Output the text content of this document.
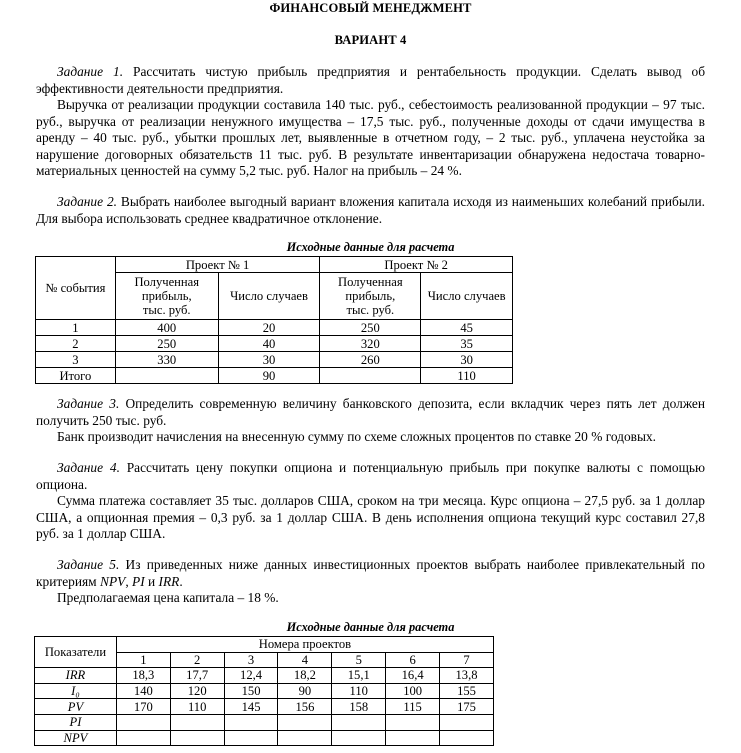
ФИНАНСОВЫЙ МЕНЕДЖМЕНТ
ВАРИАНТ 4
Задание 1. Рассчитать чистую прибыль предприятия и рентабельность продукции. Сделать вывод об эффективности деятельности предприятия.
Выручка от реализации продукции составила 140 тыс. руб., себестоимость реализованной продукции – 97 тыс. руб., выручка от реализации ненужного имущества – 17,5 тыс. руб., полученные доходы от сдачи имущества в аренду – 40 тыс. руб., убытки прошлых лет, выявленные в отчетном году, – 2 тыс. руб., уплачена неустойка за нарушение договорных обязательств 11 тыс. руб. В результате инвентаризации обнаружена недостача товарно-материальных ценностей на сумму 5,2 тыс. руб. Налог на прибыль – 24 %.
Задание 2. Выбрать наиболее выгодный вариант вложения капитала исходя из наименьших колебаний прибыли. Для выбора использовать среднее квадратичное отклонение.
Исходные данные для расчета
№ события	Проект № 1		Проект № 2	
	Полученная прибыль, тыс. руб.	Число случаев	Полученная прибыль, тыс. руб.	Число случаев
1	400	20	250	45
2	250	40	320	35
3	330	30	260	30
Итого		90		110
Задание 3. Определить современную величину банковского депозита, если вкладчик через пять лет должен получить 250 тыс. руб.
Банк производит начисления на внесенную сумму по схеме сложных процентов по ставке 20 % годовых.
Задание 4. Рассчитать цену покупки опциона и потенциальную прибыль при покупке валюты с помощью опциона.
Сумма платежа составляет 35 тыс. долларов США, сроком на три месяца. Курс опциона – 27,5 руб. за 1 доллар США, а опционная премия – 0,3 руб. за 1 доллар США. В день исполнения опциона текущий курс составил 27,8 руб. за 1 доллар США.
Задание 5. Из приведенных ниже данных инвестиционных проектов выбрать наиболее привлекательный по критериям NPV, PI и IRR.
Предполагаемая цена капитала – 18 %.
Исходные данные для расчета
Показатели	Номера проектов						
	1	2	3	4	5	6	7
IRR	18,3	17,7	12,4	18,2	15,1	16,4	13,8
I₀	140	120	150	90	110	100	155
PV	170	110	145	156	158	115	175
PI							
NPV							
